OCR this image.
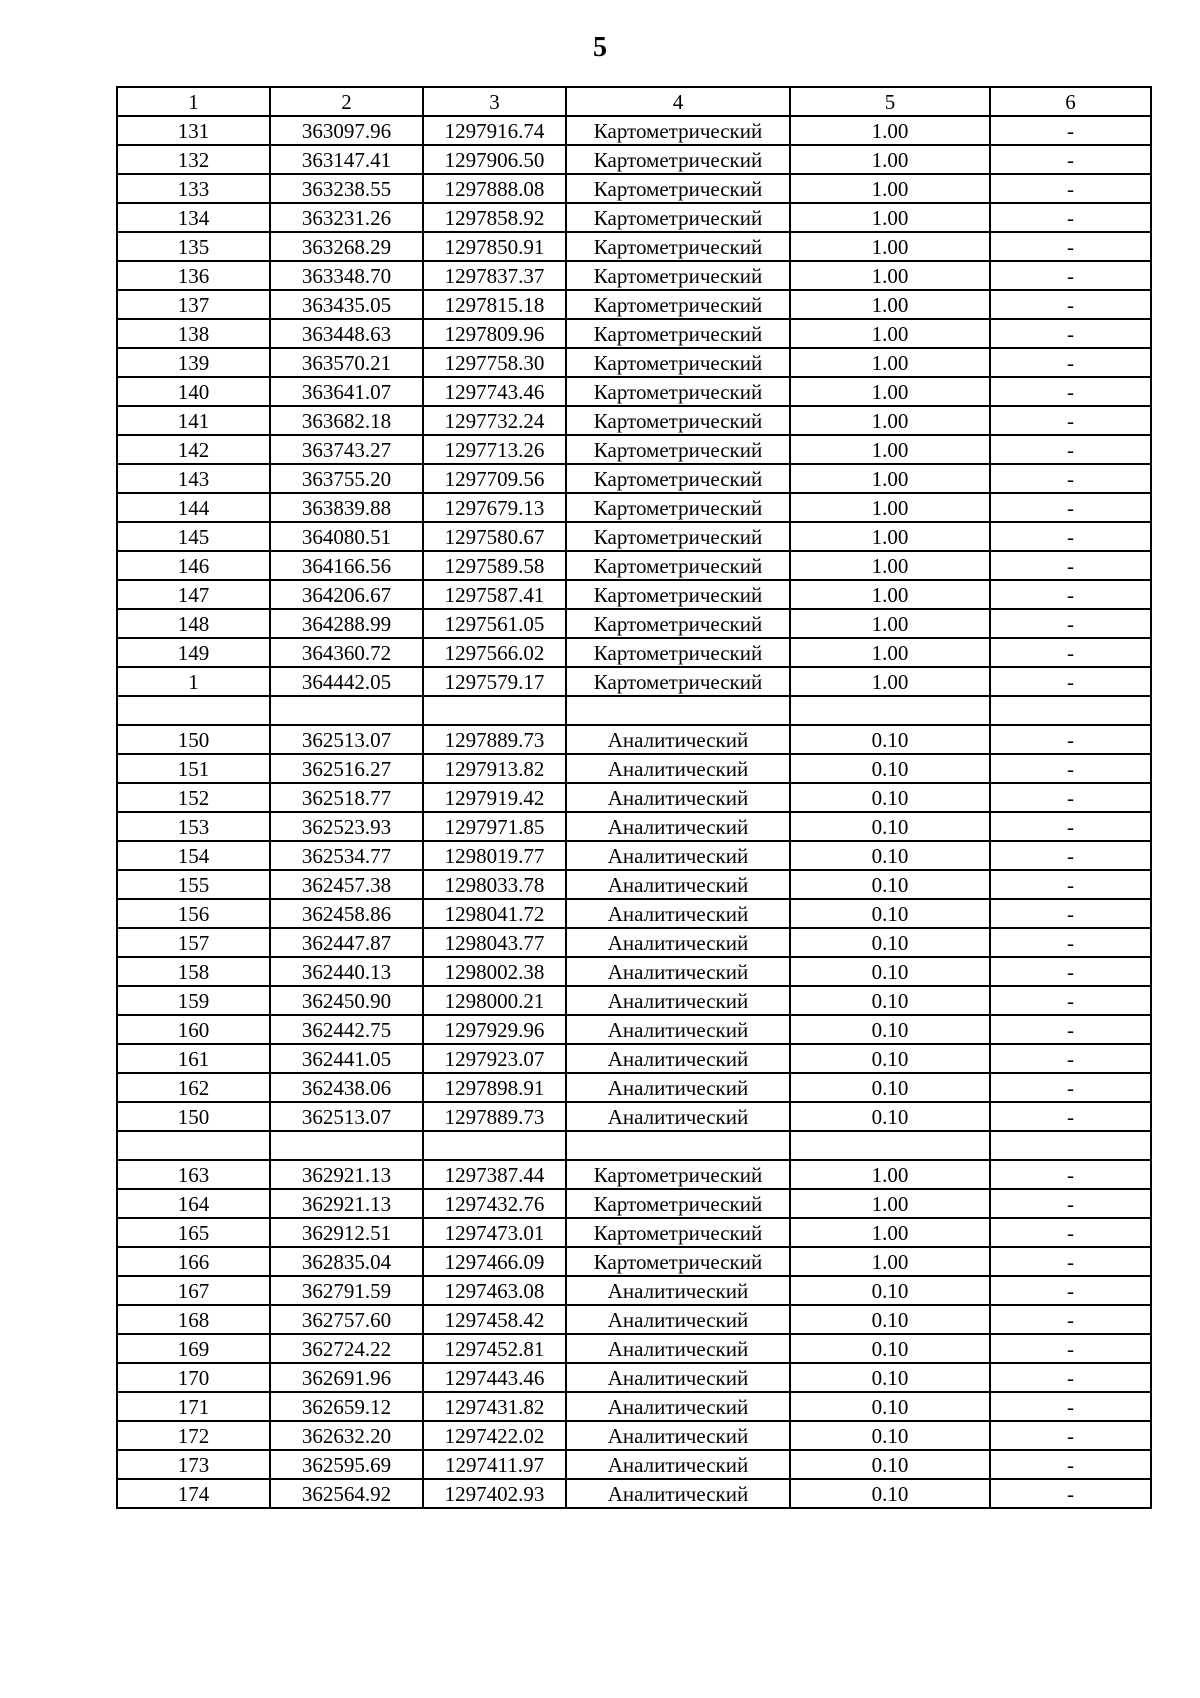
5
1	2	3	4	5	6
131	363097.96	1297916.74	Картометрический	1.00	-
132	363147.41	1297906.50	Картометрический	1.00	-
133	363238.55	1297888.08	Картометрический	1.00	-
134	363231.26	1297858.92	Картометрический	1.00	-
135	363268.29	1297850.91	Картометрический	1.00	-
136	363348.70	1297837.37	Картометрический	1.00	-
137	363435.05	1297815.18	Картометрический	1.00	-
138	363448.63	1297809.96	Картометрический	1.00	-
139	363570.21	1297758.30	Картометрический	1.00	-
140	363641.07	1297743.46	Картометрический	1.00	-
141	363682.18	1297732.24	Картометрический	1.00	-
142	363743.27	1297713.26	Картометрический	1.00	-
143	363755.20	1297709.56	Картометрический	1.00	-
144	363839.88	1297679.13	Картометрический	1.00	-
145	364080.51	1297580.67	Картометрический	1.00	-
146	364166.56	1297589.58	Картометрический	1.00	-
147	364206.67	1297587.41	Картометрический	1.00	-
148	364288.99	1297561.05	Картометрический	1.00	-
149	364360.72	1297566.02	Картометрический	1.00	-
1	364442.05	1297579.17	Картометрический	1.00	-

150	362513.07	1297889.73	Аналитический	0.10	-
151	362516.27	1297913.82	Аналитический	0.10	-
152	362518.77	1297919.42	Аналитический	0.10	-
153	362523.93	1297971.85	Аналитический	0.10	-
154	362534.77	1298019.77	Аналитический	0.10	-
155	362457.38	1298033.78	Аналитический	0.10	-
156	362458.86	1298041.72	Аналитический	0.10	-
157	362447.87	1298043.77	Аналитический	0.10	-
158	362440.13	1298002.38	Аналитический	0.10	-
159	362450.90	1298000.21	Аналитический	0.10	-
160	362442.75	1297929.96	Аналитический	0.10	-
161	362441.05	1297923.07	Аналитический	0.10	-
162	362438.06	1297898.91	Аналитический	0.10	-
150	362513.07	1297889.73	Аналитический	0.10	-

163	362921.13	1297387.44	Картометрический	1.00	-
164	362921.13	1297432.76	Картометрический	1.00	-
165	362912.51	1297473.01	Картометрический	1.00	-
166	362835.04	1297466.09	Картометрический	1.00	-
167	362791.59	1297463.08	Аналитический	0.10	-
168	362757.60	1297458.42	Аналитический	0.10	-
169	362724.22	1297452.81	Аналитический	0.10	-
170	362691.96	1297443.46	Аналитический	0.10	-
171	362659.12	1297431.82	Аналитический	0.10	-
172	362632.20	1297422.02	Аналитический	0.10	-
173	362595.69	1297411.97	Аналитический	0.10	-
174	362564.92	1297402.93	Аналитический	0.10	-
